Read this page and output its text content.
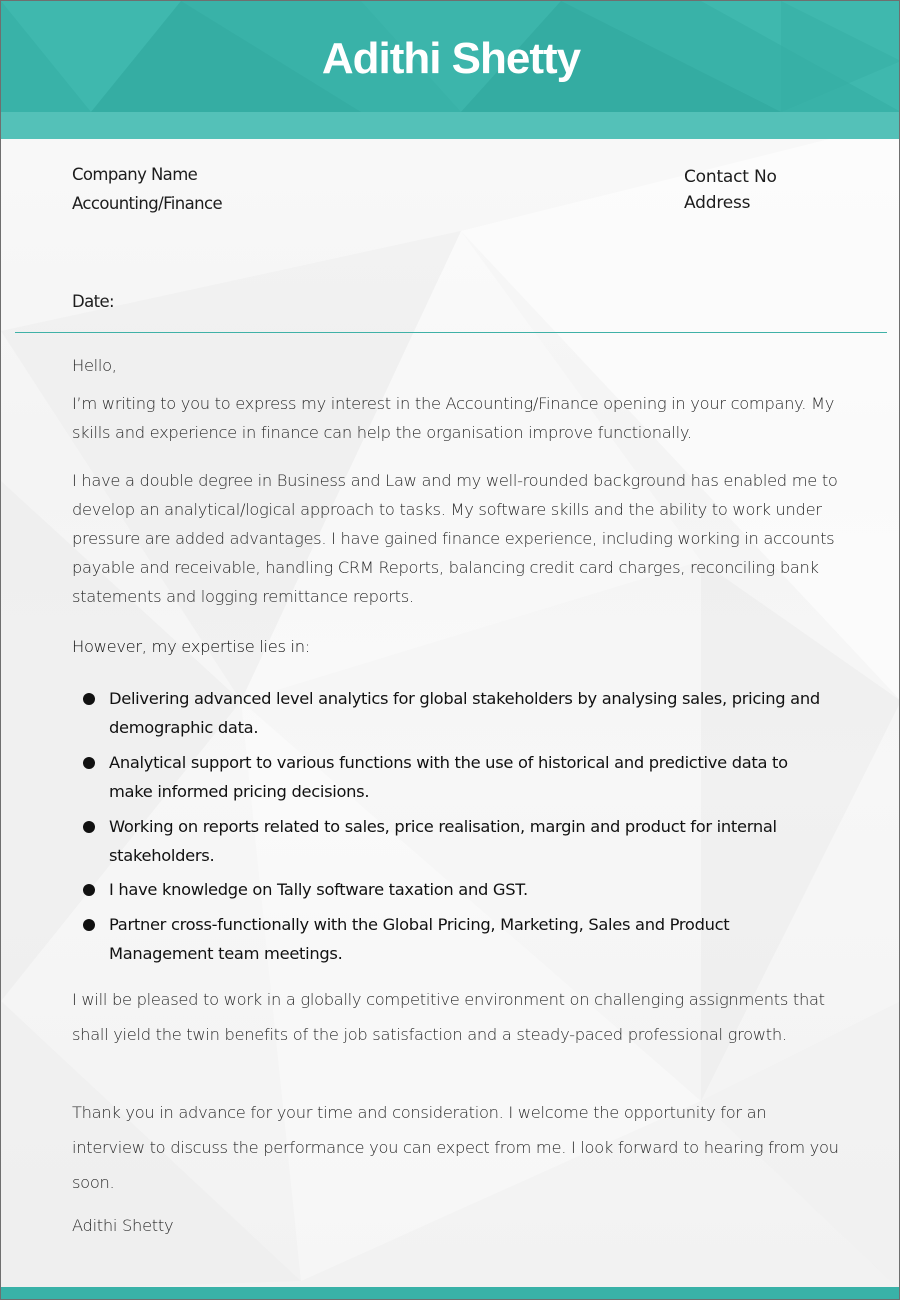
Adithi Shetty
Company Name
Accounting/Finance
Contact No
Address
Date:
Hello,
I’m writing to you to express my interest in the Accounting/Finance opening in your company. My skills and experience in finance can help the organisation improve functionally.
I have a double degree in Business and Law and my well-rounded background has enabled me to develop an analytical/logical approach to tasks. My software skills and the ability to work under pressure are added advantages. I have gained finance experience, including working in accounts payable and receivable, handling CRM Reports, balancing credit card charges, reconciling bank statements and logging remittance reports.
However, my expertise lies in:
Delivering advanced level analytics for global stakeholders by analysing sales, pricing and demographic data.
Analytical support to various functions with the use of historical and predictive data to make informed pricing decisions.
Working on reports related to sales, price realisation, margin and product for internal stakeholders.
I have knowledge on Tally software taxation and GST.
Partner cross-functionally with the Global Pricing, Marketing, Sales and Product Management team meetings.
I will be pleased to work in a globally competitive environment on challenging assignments that shall yield the twin benefits of the job satisfaction and a steady-paced professional growth.
Thank you in advance for your time and consideration. I welcome the opportunity for an interview to discuss the performance you can expect from me. I look forward to hearing from you soon.
Adithi Shetty
